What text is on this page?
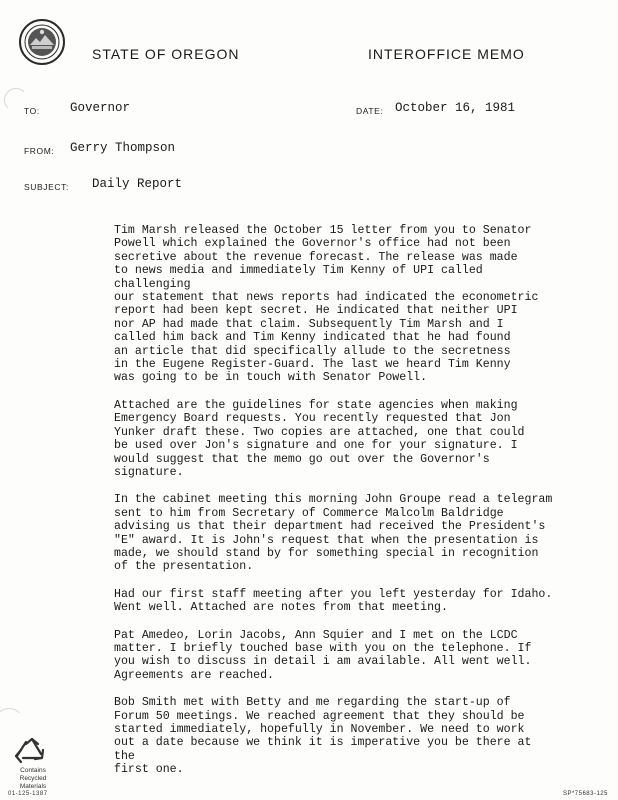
STATE OF OREGON	INTEROFFICE MEMO
TO: Governor	DATE: October 16, 1981
FROM: Gerry Thompson
SUBJECT: Daily Report

Tim Marsh released the October 15 letter from you to Senator
Powell which explained the Governor's office had not been
secretive about the revenue forecast. The release was made
to news media and immediately Tim Kenny of UPI called challenging
our statement that news reports had indicated the econometric
report had been kept secret. He indicated that neither UPI
nor AP had made that claim. Subsequently Tim Marsh and I
called him back and Tim Kenny indicated that he had found
an article that did specifically allude to the secretness
in the Eugene Register-Guard. The last we heard Tim Kenny
was going to be in touch with Senator Powell.

Attached are the guidelines for state agencies when making
Emergency Board requests. You recently requested that Jon
Yunker draft these. Two copies are attached, one that could
be used over Jon's signature and one for your signature. I
would suggest that the memo go out over the Governor's signature.

In the cabinet meeting this morning John Groupe read a telegram
sent to him from Secretary of Commerce Malcolm Baldridge
advising us that their department had received the President's
"E" award. It is John's request that when the presentation is
made, we should stand by for something special in recognition
of the presentation.

Had our first staff meeting after you left yesterday for Idaho.
Went well. Attached are notes from that meeting.

Pat Amedeo, Lorin Jacobs, Ann Squier and I met on the LCDC
matter. I briefly touched base with you on the telephone. If
you wish to discuss in detail i am available. All went well.
Agreements are reached.

Bob Smith met with Betty and me regarding the start-up of
Forum 50 meetings. We reached agreement that they should be
started immediately, hopefully in November. We need to work
out a date because we think it is imperative you be there at the
first one.

Contains
Recycled
Materials
01-125-1387	SP*75683-125
